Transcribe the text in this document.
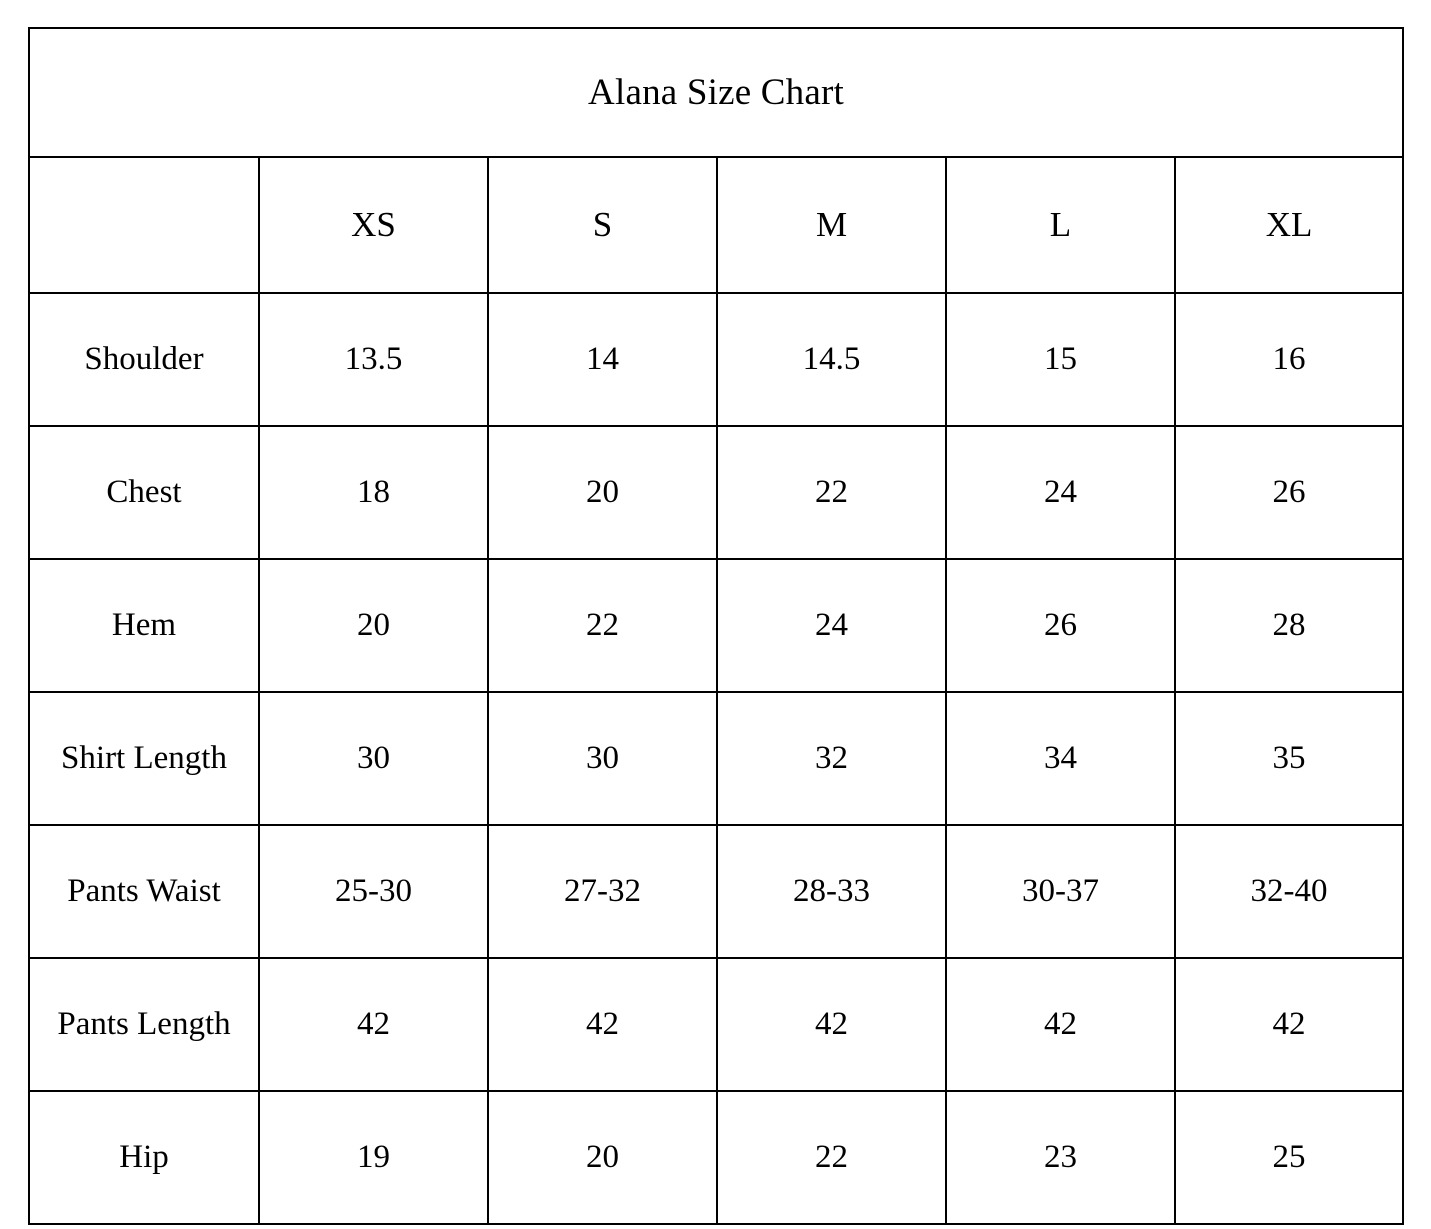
Alana Size Chart					
	XS	S	M	L	XL
Shoulder	13.5	14	14.5	15	16
Chest	18	20	22	24	26
Hem	20	22	24	26	28
Shirt Length	30	30	32	34	35
Pants Waist	25-30	27-32	28-33	30-37	32-40
Pants Length	42	42	42	42	42
Hip	19	20	22	23	25
